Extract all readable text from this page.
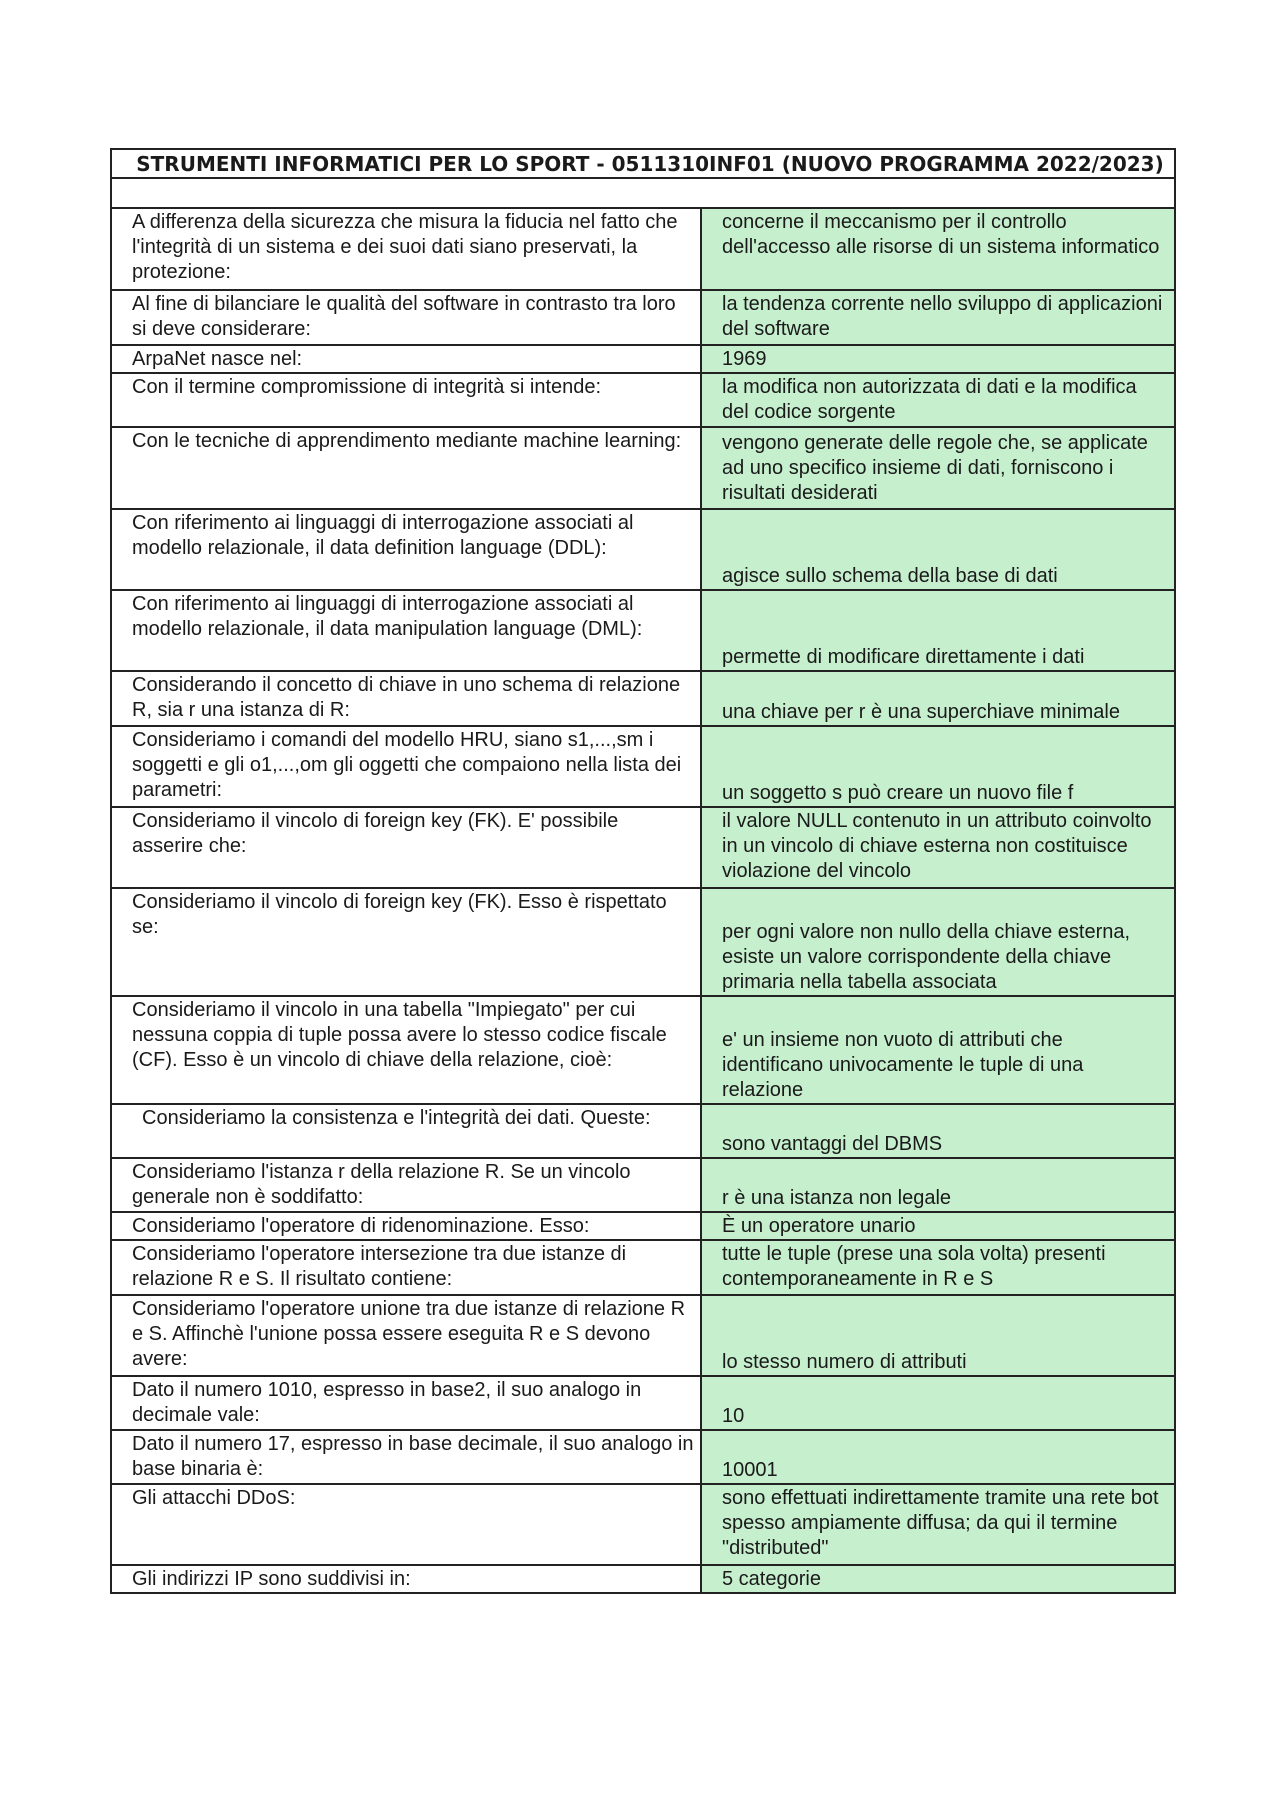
STRUMENTI INFORMATICI PER LO SPORT - 0511310INF01 (NUOVO PROGRAMMA 2022/2023)	

A differenza della sicurezza che misura la fiducia nel fatto che l'integrità di un sistema e dei suoi dati siano preservati, la protezione:	concerne il meccanismo per il controllo dell'accesso alle risorse di un sistema informatico
Al fine di bilanciare le qualità del software in contrasto tra loro si deve considerare:	la tendenza corrente nello sviluppo di applicazioni del software
ArpaNet nasce nel:	1969
Con il termine compromissione di integrità si intende:	la modifica non autorizzata di dati e la modifica del codice sorgente
Con le tecniche di apprendimento mediante machine learning:	vengono generate delle regole che, se applicate ad uno specifico insieme di dati, forniscono i risultati desiderati
Con riferimento ai linguaggi di interrogazione associati al modello relazionale, il data definition language (DDL):	agisce sullo schema della base di dati
Con riferimento ai linguaggi di interrogazione associati al modello relazionale, il data manipulation language (DML):	permette di modificare direttamente i dati
Considerando il concetto di chiave in uno schema di relazione R, sia r una istanza di R:	una chiave per r è una superchiave minimale
Consideriamo i comandi del modello HRU, siano s1,...,sm i soggetti e gli o1,...,om gli oggetti che compaiono nella lista dei parametri:	un soggetto s può creare un nuovo file f
Consideriamo il vincolo di foreign key (FK). E' possibile asserire che:	il valore NULL contenuto in un attributo coinvolto in un vincolo di chiave esterna non costituisce violazione del vincolo
Consideriamo il vincolo di foreign key (FK). Esso è rispettato se:	per ogni valore non nullo della chiave esterna, esiste un valore corrispondente della chiave primaria nella tabella associata
Consideriamo il vincolo in una tabella "Impiegato" per cui nessuna coppia di tuple possa avere lo stesso codice fiscale (CF). Esso è un vincolo di chiave della relazione, cioè:	e' un insieme non vuoto di attributi che identificano univocamente le tuple di una relazione
Consideriamo la consistenza e l'integrità dei dati. Queste:	sono vantaggi del DBMS
Consideriamo l'istanza r della relazione R. Se un vincolo generale non è soddifatto:	r è una istanza non legale
Consideriamo l'operatore di ridenominazione. Esso:	È un operatore unario
Consideriamo l'operatore intersezione tra due istanze di relazione R e S. Il risultato contiene:	tutte le tuple (prese una sola volta) presenti contemporaneamente in R e S
Consideriamo l'operatore unione tra due istanze di relazione R e S. Affinchè l'unione possa essere eseguita R e S devono avere:	lo stesso numero di attributi
Dato il numero 1010, espresso in base2, il suo analogo in decimale vale:	10
Dato il numero 17, espresso in base decimale, il suo analogo in base binaria è:	10001
Gli attacchi DDoS:	sono effettuati indirettamente tramite una rete bot spesso ampiamente diffusa; da qui il termine "distributed"
Gli indirizzi IP sono suddivisi in:	5 categorie
